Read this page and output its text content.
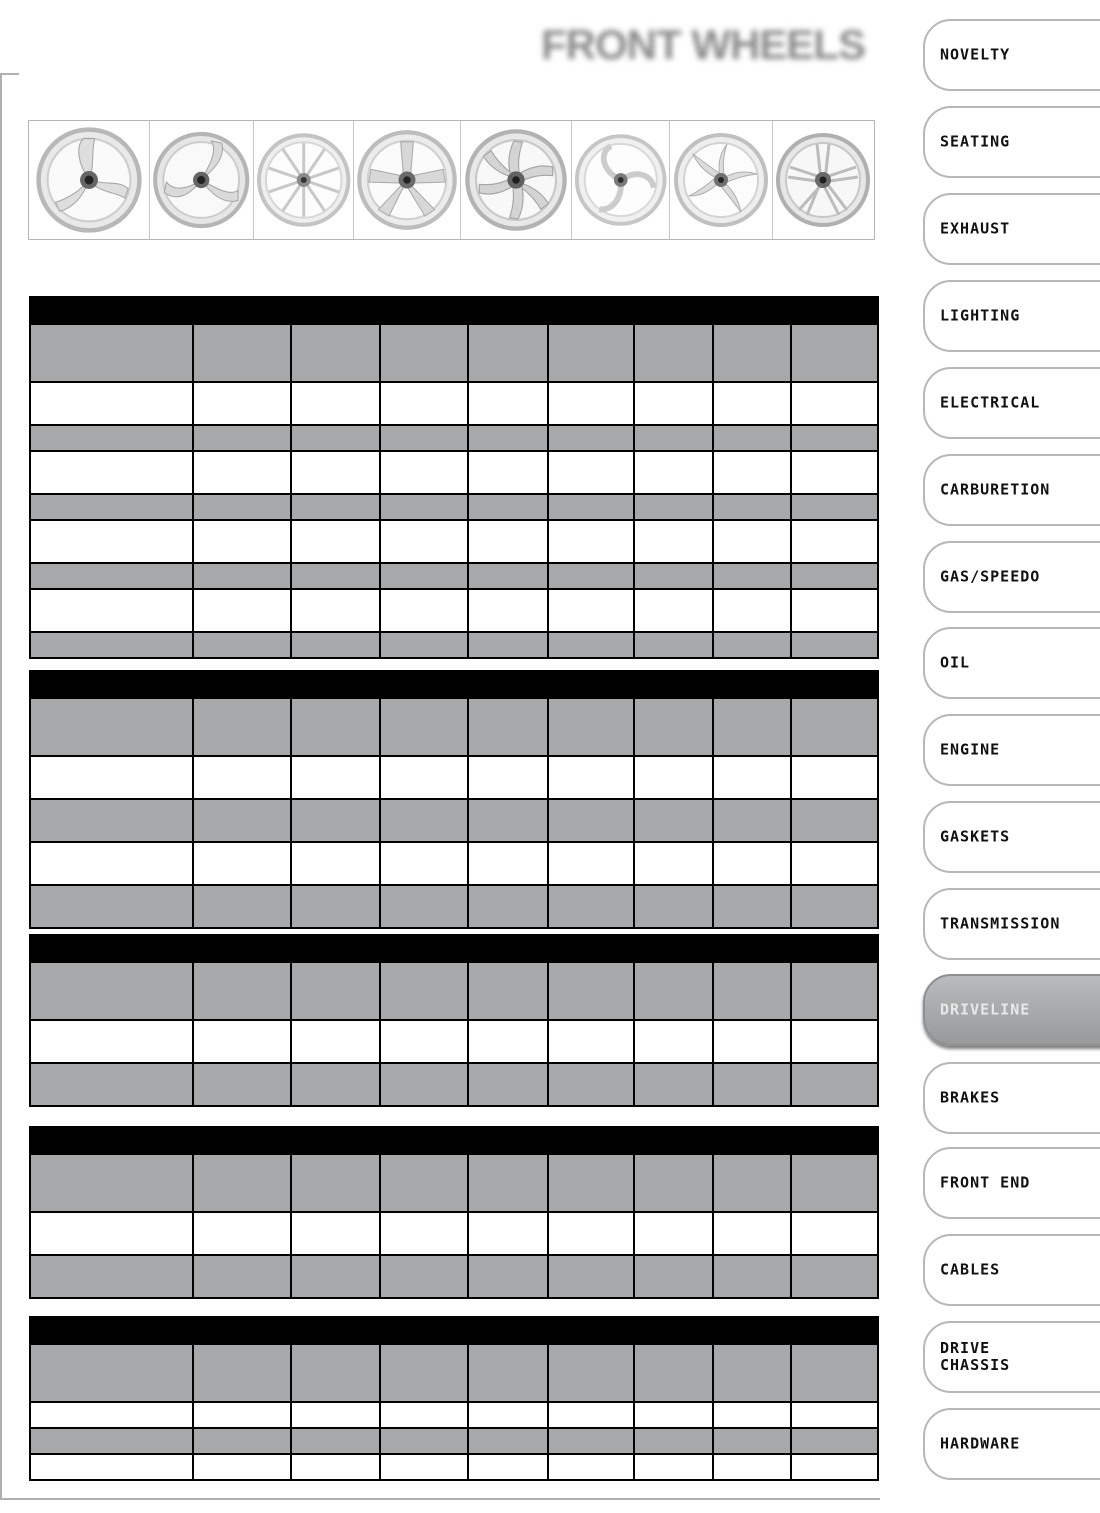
FRONT WHEELS

									NOVELTY
SEATING
EXHAUST
LIGHTING
ELECTRICAL
CARBURETION
GAS/SPEEDO
OIL
ENGINE
GASKETS
TRANSMISSION
DRIVELINE
BRAKES
FRONT END
CABLES
DRIVE
CHASSIS
HARDWARE
